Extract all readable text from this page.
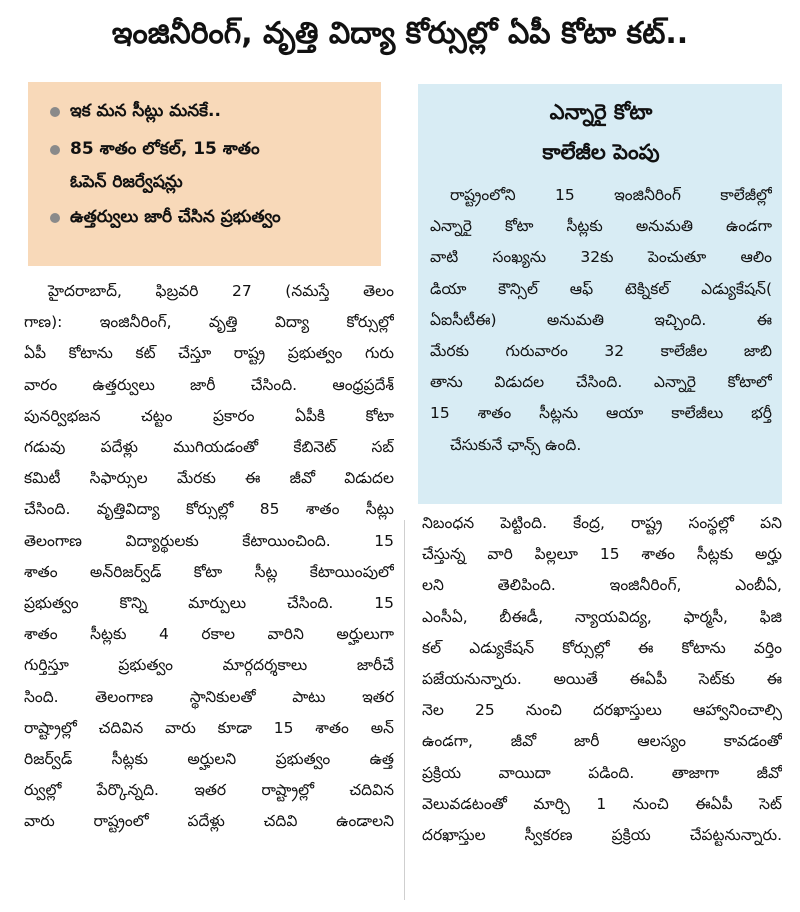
ఇంజినీరింగ్, వృత్తి విద్యా కోర్సుల్లో ఏపీ కోటా కట్..
ఇక మన సీట్లు మనకే..
85 శాతం లోకల్, 15 శాతం
ఓపెన్ రిజర్వేషన్లు
ఉత్తర్వులు జారీ చేసిన ప్రభుత్వం
ఎన్నారై కోటా
కాలేజీల పెంపు
రాష్ట్రంలోని 15 ఇంజినీరింగ్ కాలేజీల్లో
ఎన్నారై కోటా సీట్లకు అనుమతి ఉండగా
వాటి సంఖ్యను 32కు పెంచుతూ ఆలిం
డియా కౌన్సిల్ ఆఫ్ టెక్నికల్ ఎడ్యుకేషన్(
ఏఐసీటీఈ) అనుమతి ఇచ్చింది. ఈ
మేరకు గురువారం 32 కాలేజీల జాబి
తాను విడుదల చేసింది. ఎన్నారై కోటాలో
15 శాతం సీట్లను ఆయా కాలేజీలు భర్తీ
చేసుకునే ఛాన్స్ ఉంది.
హైదరాబాద్, ఫిబ్రవరి 27 (నమస్తే తెలం
గాణ): ఇంజినీరింగ్, వృత్తి విద్యా కోర్సుల్లో
ఏపీ కోటాను కట్ చేస్తూ రాష్ట్ర ప్రభుత్వం గురు
వారం ఉత్తర్వులు జారీ చేసింది. ఆంధ్రప్రదేశ్
పునర్విభజన చట్టం ప్రకారం ఏపీకి కోటా
గడువు పదేళ్లు ముగియడంతో కేబినెట్ సబ్
కమిటీ సిఫార్సుల మేరకు ఈ జీవో విడుదల
చేసింది. వృత్తివిద్యా కోర్సుల్లో 85 శాతం సీట్లు
తెలంగాణ విద్యార్థులకు కేటాయించింది. 15
శాతం అన్‌రిజర్వ్‌డ్ కోటా సీట్ల కేటాయింపులో
ప్రభుత్వం కొన్ని మార్పులు చేసింది. 15
శాతం సీట్లకు 4 రకాల వారిని అర్హులుగా
గుర్తిస్తూ ప్రభుత్వం మార్గదర్శకాలు జారీచే
సింది. తెలంగాణ స్థానికులతో పాటు ఇతర
రాష్ట్రాల్లో చదివిన వారు కూడా 15 శాతం అన్
రిజర్వ్‌డ్ సీట్లకు అర్హులని ప్రభుత్వం ఉత్త
ర్వుల్లో పేర్కొన్నది. ఇతర రాష్ట్రాల్లో చదివిన
వారు రాష్ట్రంలో పదేళ్లు చదివి ఉండాలని
నిబంధన పెట్టింది. కేంద్ర, రాష్ట్ర సంస్థల్లో పని
చేస్తున్న వారి పిల్లలూ 15 శాతం సీట్లకు అర్హు
లని తెలిపింది. ఇంజినీరింగ్, ఎంబీఏ,
ఎంసీఏ, బీఈడీ, న్యాయవిద్య, ఫార్మసీ, ఫిజి
కల్ ఎడ్యుకేషన్ కోర్సుల్లో ఈ కోటాను వర్తిం
పజేయనున్నారు. అయితే ఈఏపీ సెట్‌కు ఈ
నెల 25 నుంచి దరఖాస్తులు ఆహ్వానించాల్సి
ఉండగా, జీవో జారీ ఆలస్యం కావడంతో
ప్రక్రియ వాయిదా పడింది. తాజాగా జీవో
వెలువడటంతో మార్చి 1 నుంచి ఈఏపీ సెట్
దరఖాస్తుల స్వీకరణ ప్రక్రియ చేపట్టనున్నారు.
